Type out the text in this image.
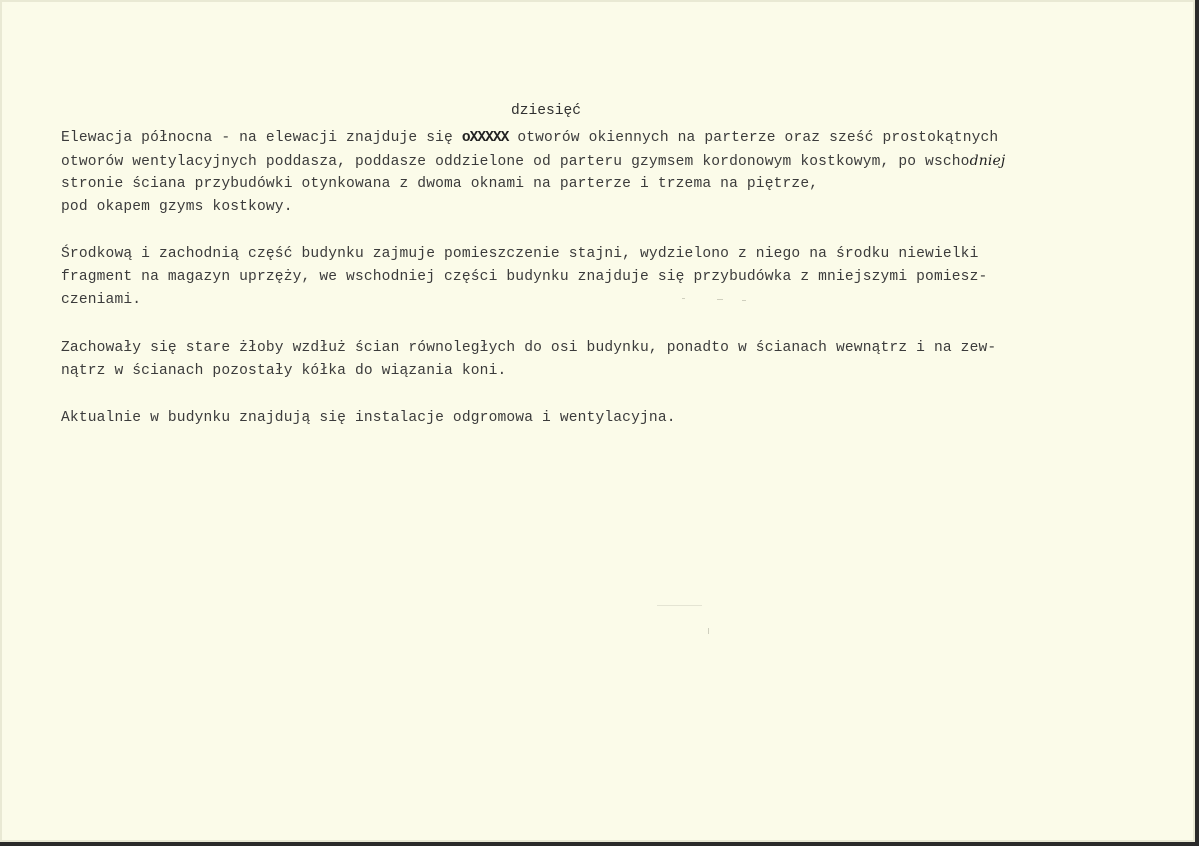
dziesięć
Elewacja północna - na elewacji znajduje się oXXXXX otworów okiennych na parterze oraz sześć prostokątnych
otworów wentylacyjnych poddasza, poddasze oddzielone od parteru gzymsem kordonowym kostkowym, po wschodniej
stronie ściana przybudówki otynkowana z dwoma oknami na parterze i trzema na piętrze,
pod okapem gzyms kostkowy.
Środkową i zachodnią część budynku zajmuje pomieszczenie stajni, wydzielono z niego na środku niewielki
fragment na magazyn uprzęży, we wschodniej części budynku znajduje się przybudówka z mniejszymi pomiesz-
czeniami.
Zachowały się stare żłoby wzdłuż ścian równoległych do osi budynku, ponadto w ścianach wewnątrz i na zew-
nątrz w ścianach pozostały kółka do wiązania koni.
Aktualnie w budynku znajdują się instalacje odgromowa i wentylacyjna.
